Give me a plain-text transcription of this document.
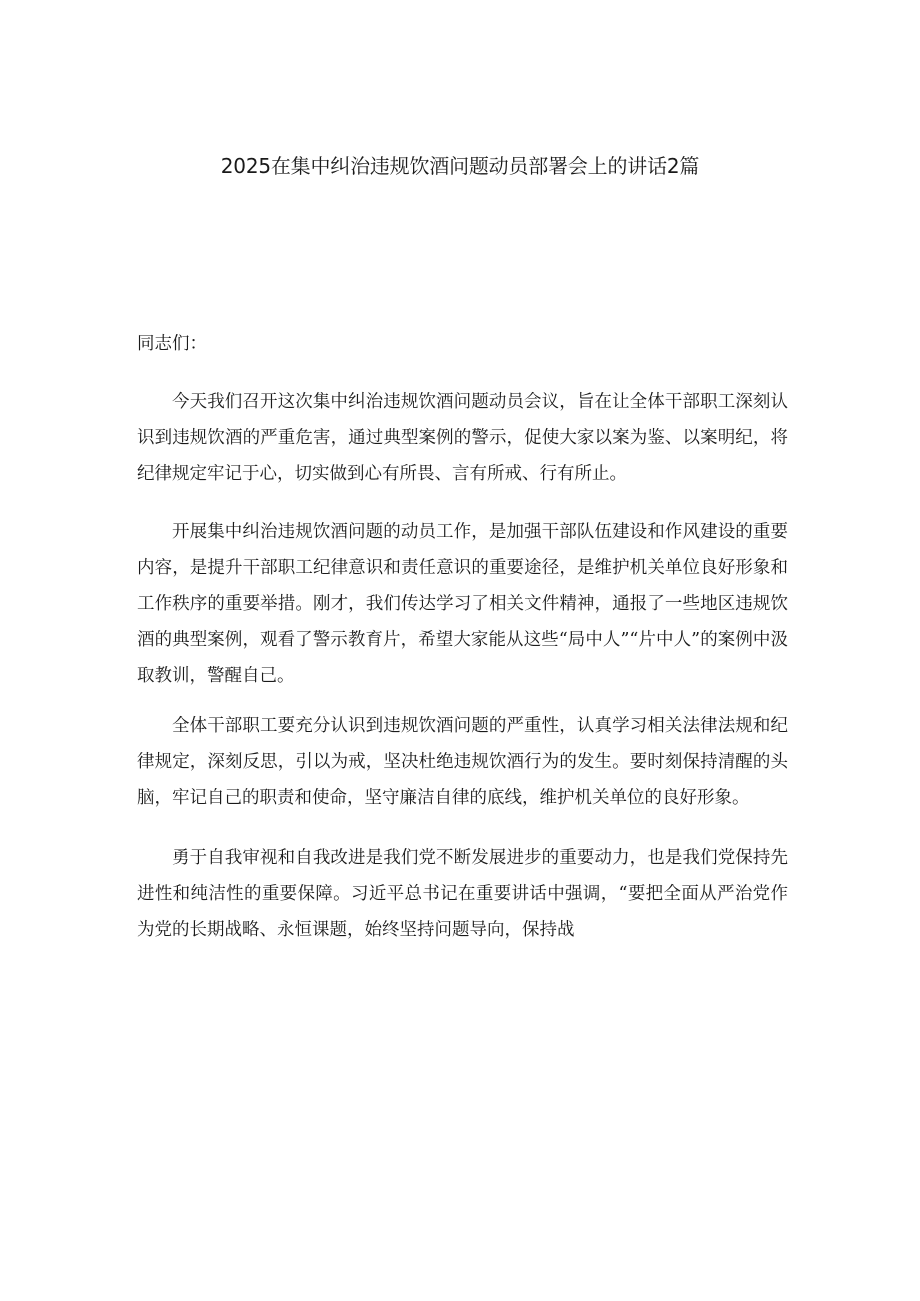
2025在集中纠治违规饮酒问题动员部署会上的讲话2篇

同志们：

今天我们召开这次集中纠治违规饮酒问题动员会议，旨在让全体干部职工深刻认识到违规饮酒的严重危害，通过典型案例的警示，促使大家以案为鉴、以案明纪，将纪律规定牢记于心，切实做到心有所畏、言有所戒、行有所止。

开展集中纠治违规饮酒问题的动员工作，是加强干部队伍建设和作风建设的重要内容，是提升干部职工纪律意识和责任意识的重要途径，是维护机关单位良好形象和工作秩序的重要举措。刚才，我们传达学习了相关文件精神，通报了一些地区违规饮酒的典型案例，观看了警示教育片，希望大家能从这些“局中人”“片中人”的案例中汲取教训，警醒自己。

全体干部职工要充分认识到违规饮酒问题的严重性，认真学习相关法律法规和纪律规定，深刻反思，引以为戒，坚决杜绝违规饮酒行为的发生。要时刻保持清醒的头脑，牢记自己的职责和使命，坚守廉洁自律的底线，维护机关单位的良好形象。

勇于自我审视和自我改进是我们党不断发展进步的重要动力，也是我们党保持先进性和纯洁性的重要保障。习近平总书记在重要讲话中强调，“要把全面从严治党作为党的长期战略、永恒课题，始终坚持问题导向，保持战
